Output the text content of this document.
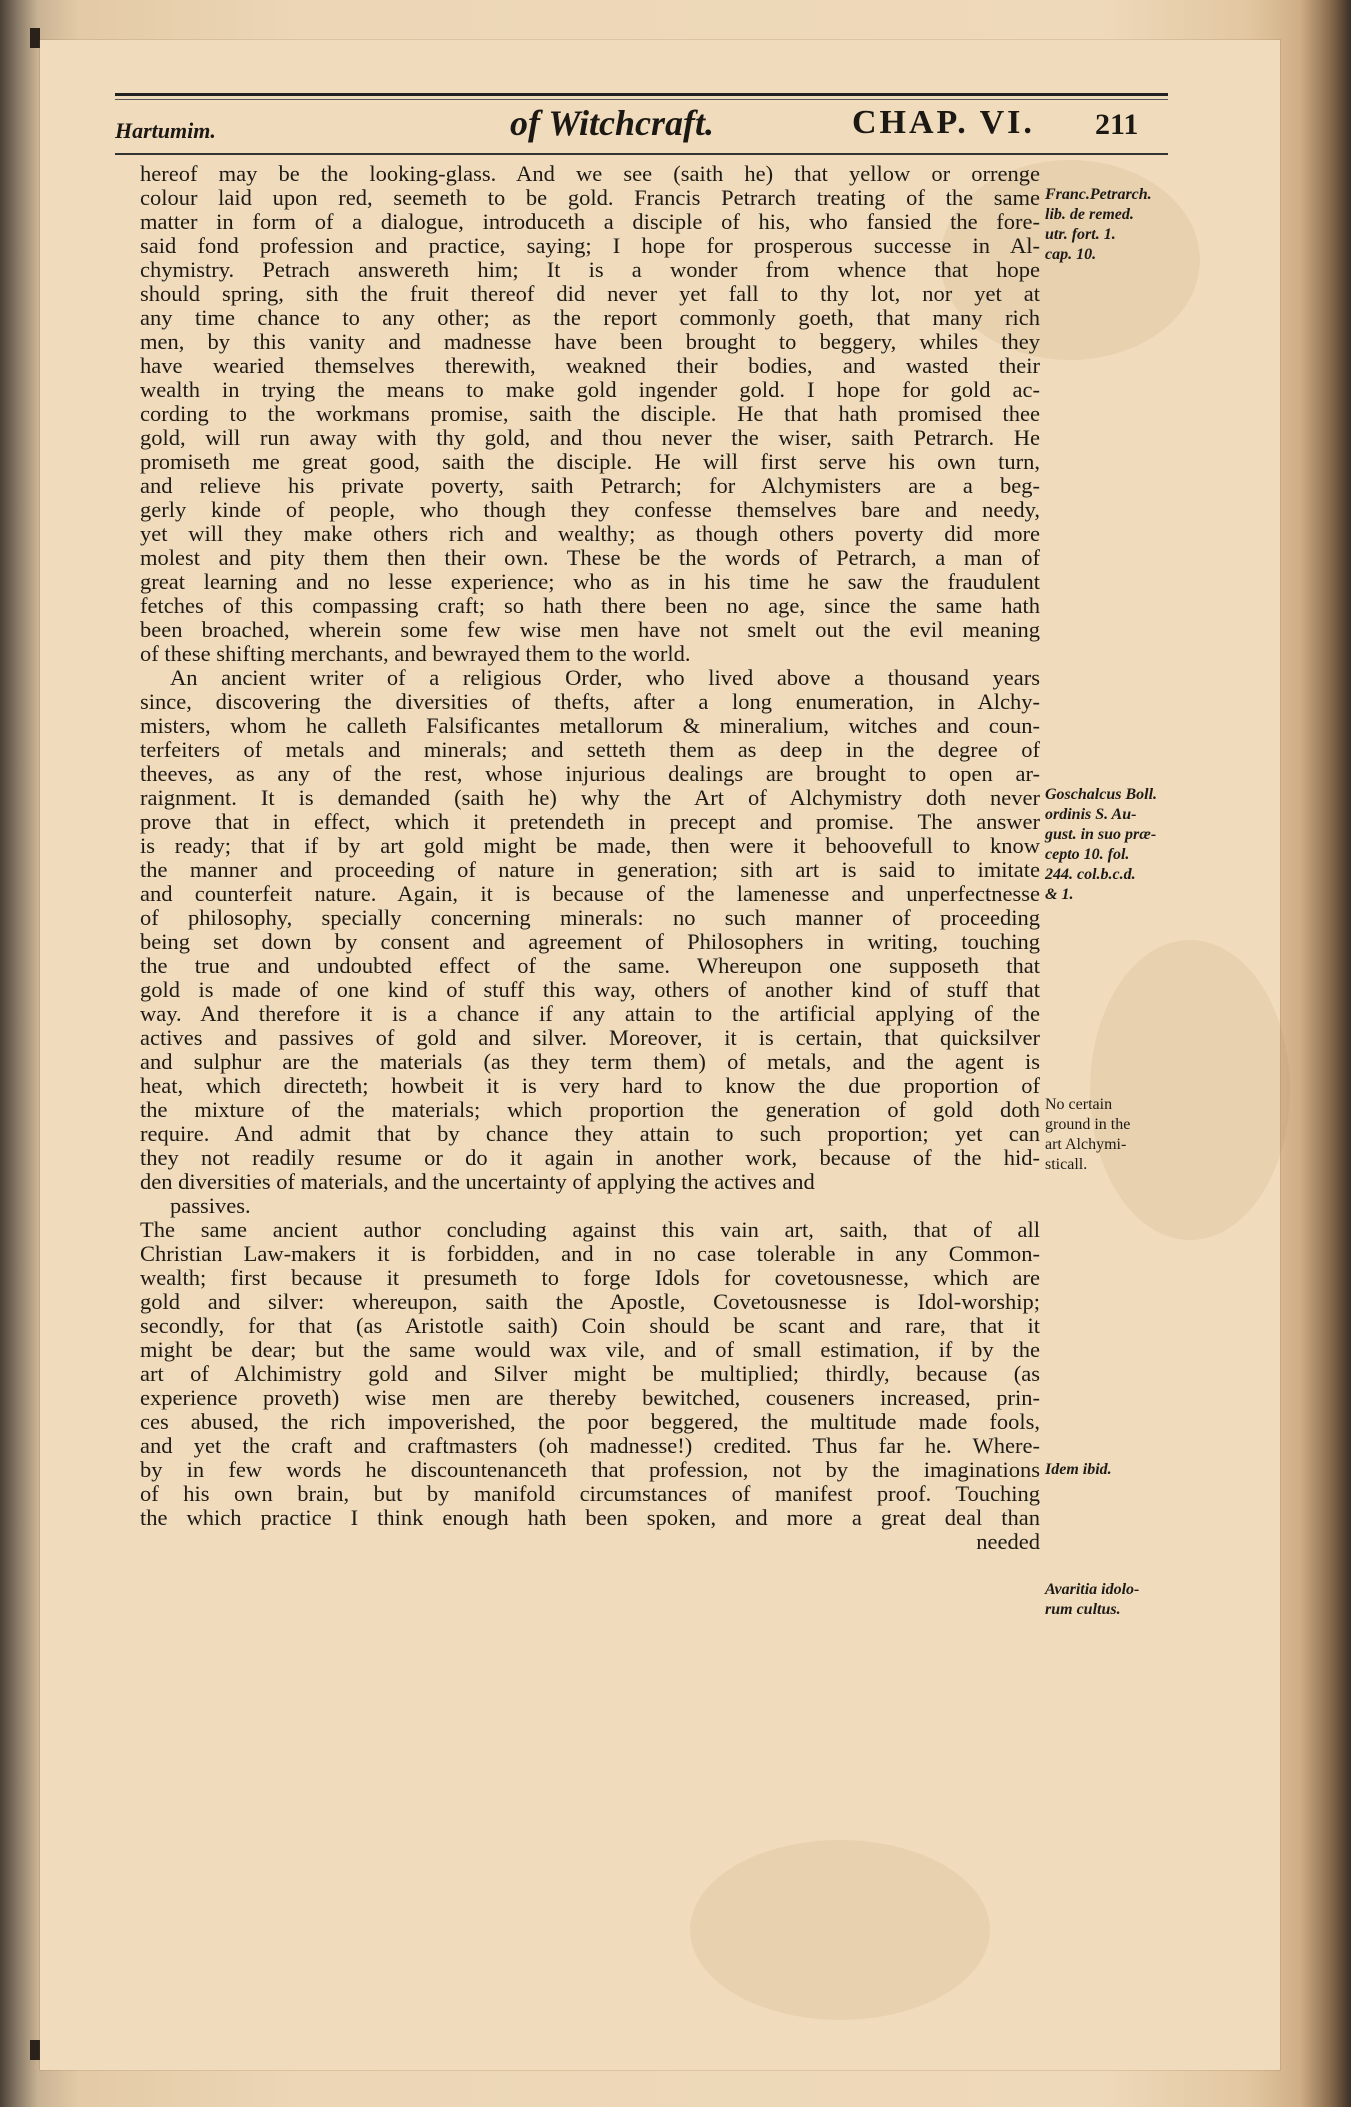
Hartumim.	of Witchcraft.	CHAP. VI. 211
hereof may be the looking-glass. And we see (saith he) that yellow or orrenge
colour laid upon red, seemeth to be gold. Francis Petrarch treating of the same
matter in form of a dialogue, introduceth a disciple of his, who fansied the fore-
said fond profession and practice, saying; I hope for prosperous successe in Al-
chymistry. Petrach answereth him; It is a wonder from whence that hope
should spring, sith the fruit thereof did never yet fall to thy lot, nor yet at
any time chance to any other; as the report commonly goeth, that many rich
men, by this vanity and madnesse have been brought to beggery, whiles they
have wearied themselves therewith, weakned their bodies, and wasted their
wealth in trying the means to make gold ingender gold. I hope for gold ac-
cording to the workmans promise, saith the disciple. He that hath promised thee
gold, will run away with thy gold, and thou never the wiser, saith Petrarch. He
promiseth me great good, saith the disciple. He will first serve his own turn,
and relieve his private poverty, saith Petrarch; for Alchymisters are a beg-
gerly kinde of people, who though they confesse themselves bare and needy,
yet will they make others rich and wealthy; as though others poverty did more
molest and pity them then their own. These be the words of Petrarch, a man of
great learning and no lesse experience; who as in his time he saw the fraudulent
fetches of this compassing craft; so hath there been no age, since the same hath
been broached, wherein some few wise men have not smelt out the evil meaning
of these shifting merchants, and bewrayed them to the world.
An ancient writer of a religious Order, who lived above a thousand years
since, discovering the diversities of thefts, after a long enumeration, in Alchy-
misters, whom he calleth Falsificantes metallorum & mineralium, witches and coun-
terfeiters of metals and minerals; and setteth them as deep in the degree of
theeves, as any of the rest, whose injurious dealings are brought to open ar-
raignment. It is demanded (saith he) why the Art of Alchymistry doth never
prove that in effect, which it pretendeth in precept and promise. The answer
is ready; that if by art gold might be made, then were it behoovefull to know
the manner and proceeding of nature in generation; sith art is said to imitate
and counterfeit nature. Again, it is because of the lamenesse and unperfectnesse
of philosophy, specially concerning minerals: no such manner of proceeding
being set down by consent and agreement of Philosophers in writing, touching
the true and undoubted effect of the same. Whereupon one supposeth that
gold is made of one kind of stuff this way, others of another kind of stuff that
way. And therefore it is a chance if any attain to the artificial applying of the
actives and passives of gold and silver. Moreover, it is certain, that quicksilver
and sulphur are the materials (as they term them) of metals, and the agent is
heat, which directeth; howbeit it is very hard to know the due proportion of
the mixture of the materials; which proportion the generation of gold doth
require. And admit that by chance they attain to such proportion; yet can
they not readily resume or do it again in another work, because of the hid-
den diversities of materials, and the uncertainty of applying the actives and
passives.
The same ancient author concluding against this vain art, saith, that of all
Christian Law-makers it is forbidden, and in no case tolerable in any Common-
wealth; first because it presumeth to forge Idols for covetousnesse, which are
gold and silver: whereupon, saith the Apostle, Covetousnesse is Idol-worship;
secondly, for that (as Aristotle saith) Coin should be scant and rare, that it
might be dear; but the same would wax vile, and of small estimation, if by the
art of Alchimistry gold and Silver might be multiplied; thirdly, because (as
experience proveth) wise men are thereby bewitched, couseners increased, prin-
ces abused, the rich impoverished, the poor beggered, the multitude made fools,
and yet the craft and craftmasters (oh madnesse!) credited. Thus far he. Where-
by in few words he discountenanceth that profession, not by the imaginations
of his own brain, but by manifold circumstances of manifest proof. Touching
the which practice I think enough hath been spoken, and more a great deal than
needed
Franc.Petrarch.
lib. de remed.
utr. fort. 1.
cap. 10.
Goschalcus Boll.
ordinis S. Au-
gust. in suo præ-
cepto 10. fol.
244. col.b.c.d.
& 1.
No certain
ground in the
art Alchymi-
sticall.
Idem ibid.
Avaritia idolo-
rum cultus.
